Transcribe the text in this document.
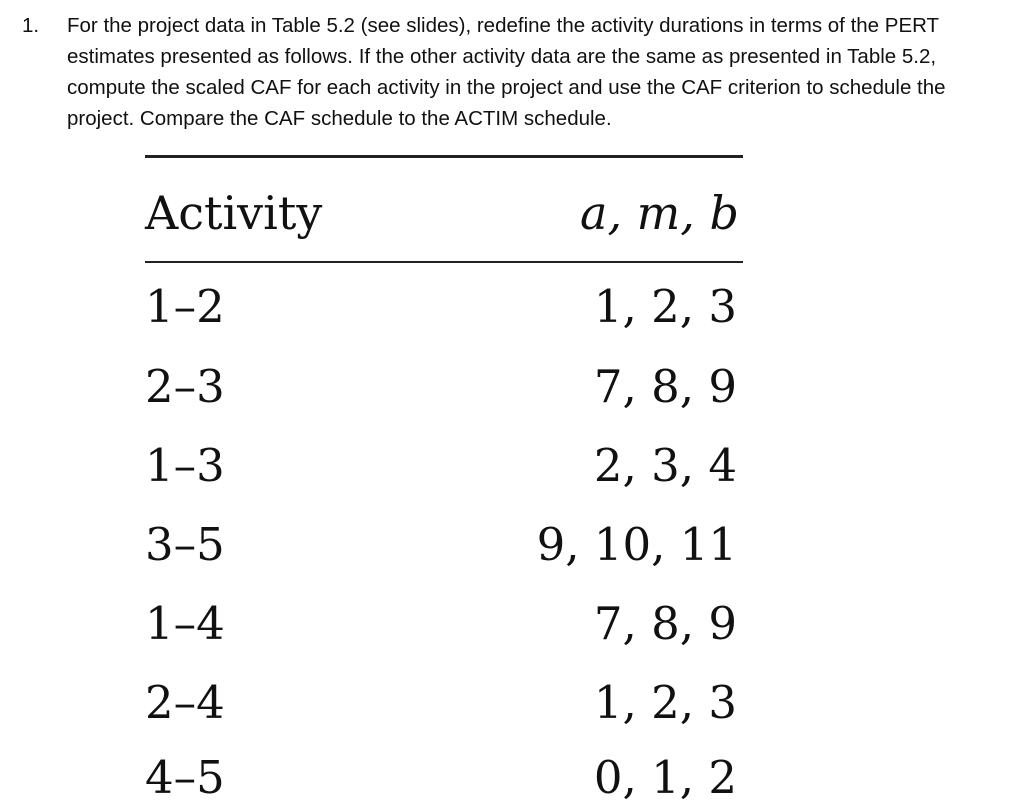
1. For the project data in Table 5.2 (see slides), redefine the activity durations in terms of the PERT estimates presented as follows. If the other activity data are the same as presented in Table 5.2, compute the scaled CAF for each activity in the project and use the CAF criterion to schedule the project. Compare the CAF schedule to the ACTIM schedule.
Activity	a, m, b
1–2	1, 2, 3
2–3	7, 8, 9
1–3	2, 3, 4
3–5	9, 10, 11
1–4	7, 8, 9
2–4	1, 2, 3
4–5	0, 1, 2
